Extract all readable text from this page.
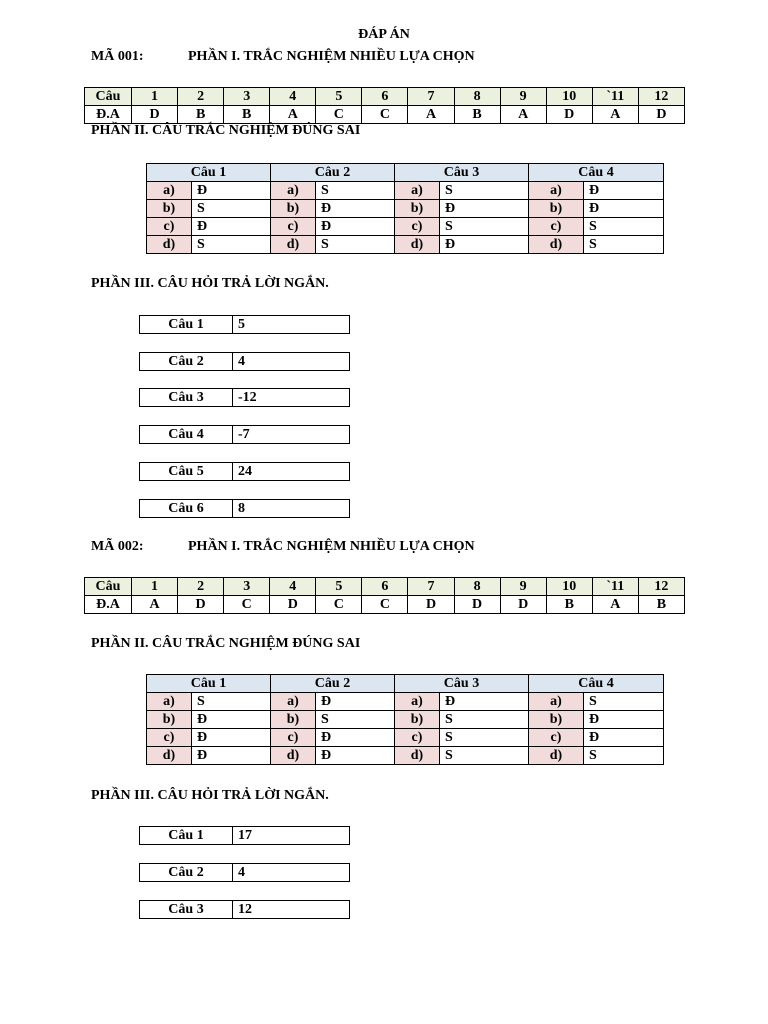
ĐÁP ÁN
MÃ 001:	PHẦN I. TRẮC NGHIỆM NHIỀU LỰA CHỌN
Câu	1	2	3	4	5	6	7	8	9	10	`11	12
Đ.A	D	B	B	A	C	C	A	B	A	D	A	D
PHẦN II. CÂU TRẮC NGHIỆM ĐÚNG SAI
Câu 1		Câu 2		Câu 3		Câu 4	
a)	Đ	a)	S	a)	S	a)	Đ
b)	S	b)	Đ	b)	Đ	b)	Đ
c)	Đ	c)	Đ	c)	S	c)	S
d)	S	d)	S	d)	Đ	d)	S
PHẦN III. CÂU HỎI TRẢ LỜI NGẮN.
Câu 1	5
Câu 2	4
Câu 3	-12
Câu 4	-7
Câu 5	24
Câu 6	8
MÃ 002:	PHẦN I. TRẮC NGHIỆM NHIỀU LỰA CHỌN
Câu	1	2	3	4	5	6	7	8	9	10	`11	12
Đ.A	A	D	C	D	C	C	D	D	D	B	A	B
PHẦN II. CÂU TRẮC NGHIỆM ĐÚNG SAI
Câu 1		Câu 2		Câu 3		Câu 4	
a)	S	a)	Đ	a)	Đ	a)	S
b)	Đ	b)	S	b)	S	b)	Đ
c)	Đ	c)	Đ	c)	S	c)	Đ
d)	Đ	d)	Đ	d)	S	d)	S
PHẦN III. CÂU HỎI TRẢ LỜI NGẮN.
Câu 1	17
Câu 2	4
Câu 3	12
